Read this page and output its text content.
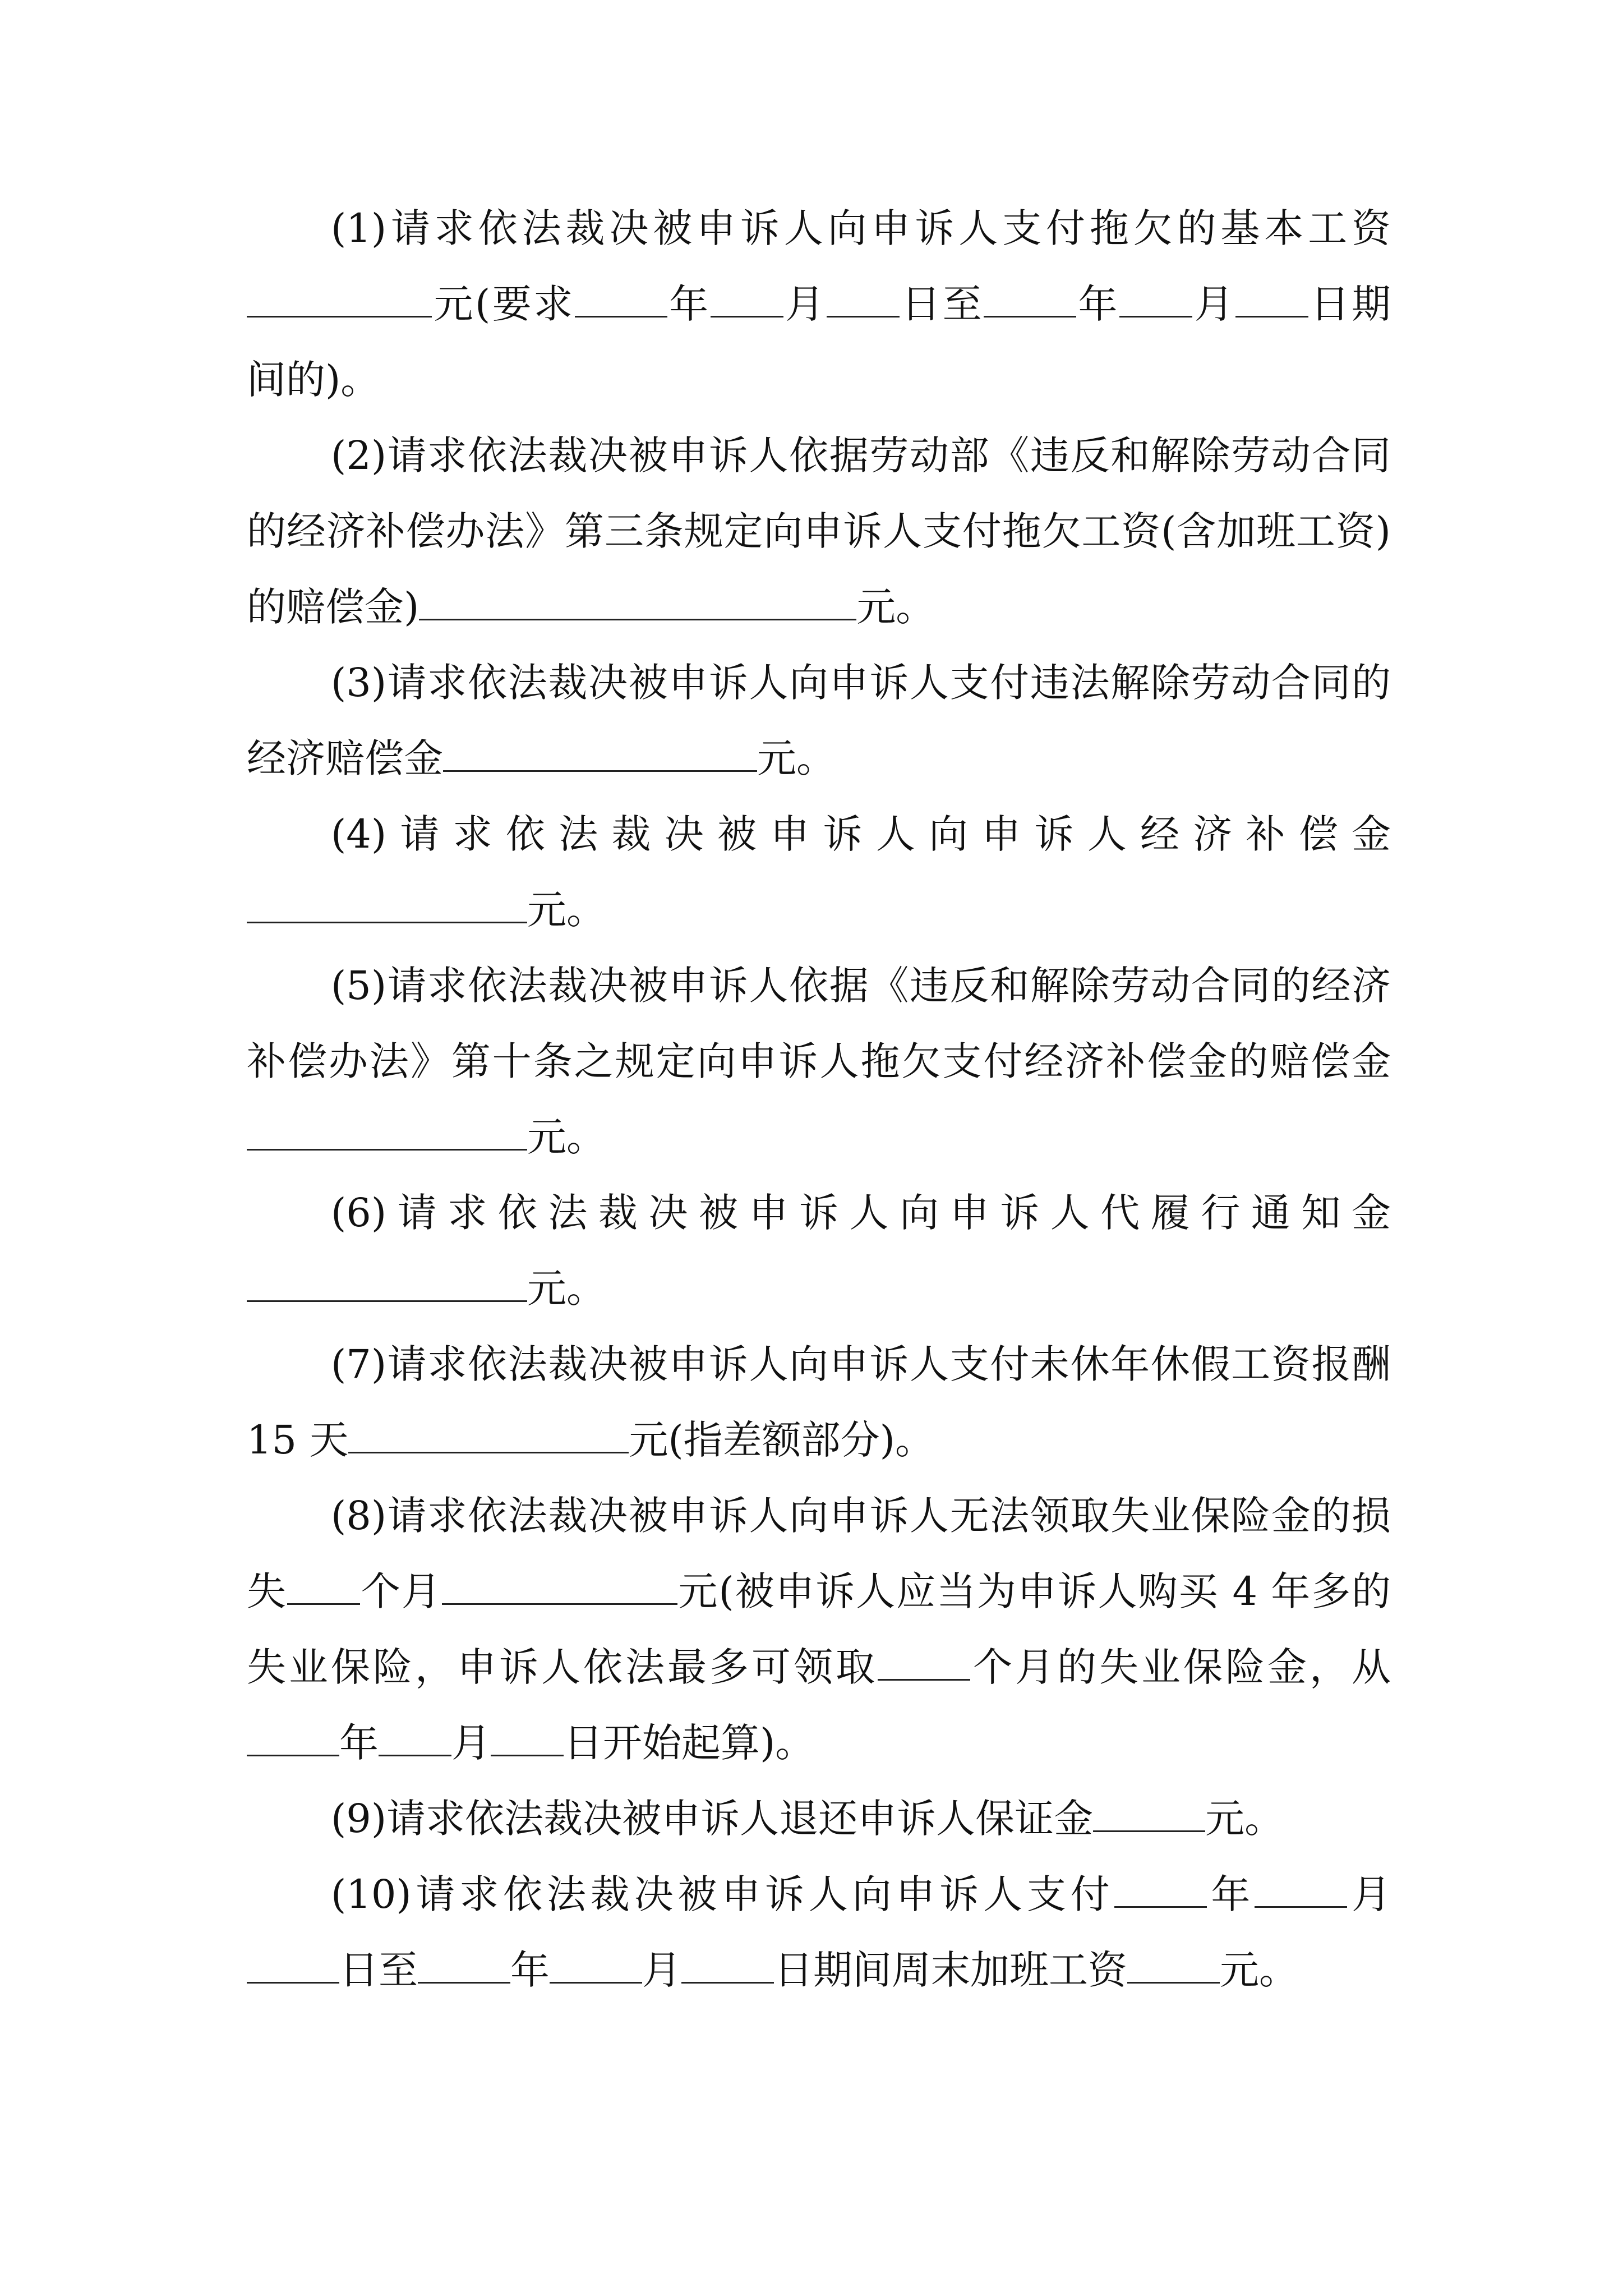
(1)请求依法裁决被申诉人向申诉人支付拖欠的基本工资元(要求 年 月 日至 年 月 日期间的)。

(2)请求依法裁决被申诉人依据劳动部《违反和解除劳动合同的经济补偿办法》第三条规定向申诉人支付拖欠工资(含加班工资)的赔偿金)	元。

(3)请求依法裁决被申诉人向申诉人支付违法解除劳动合同的经济赔偿金	元。

(4)请求依法裁决被申诉人向申诉人经济补偿金元。

(5)请求依法裁决被申诉人依据《违反和解除劳动合同的经济补偿办法》第十条之规定向申诉人拖欠支付经济补偿金的赔偿金元。

(6)请求依法裁决被申诉人向申诉人代履行通知金元。

(7)请求依法裁决被申诉人向申诉人支付未休年休假工资报酬 15 天	元(指差额部分)。

(8)请求依法裁决被申诉人向申诉人无法领取失业保险金的损失 个月	元(被申诉人应当为申诉人购买 4 年多的失业保险，申诉人依法最多可领取 个月的失业保险金，从年 月 日开始起算)。

(9)请求依法裁决被申诉人退还申诉人保证金	元。

(10)请求依法裁决被申诉人向申诉人支付 年 月日至 年 月 日期间周末加班工资 元。
